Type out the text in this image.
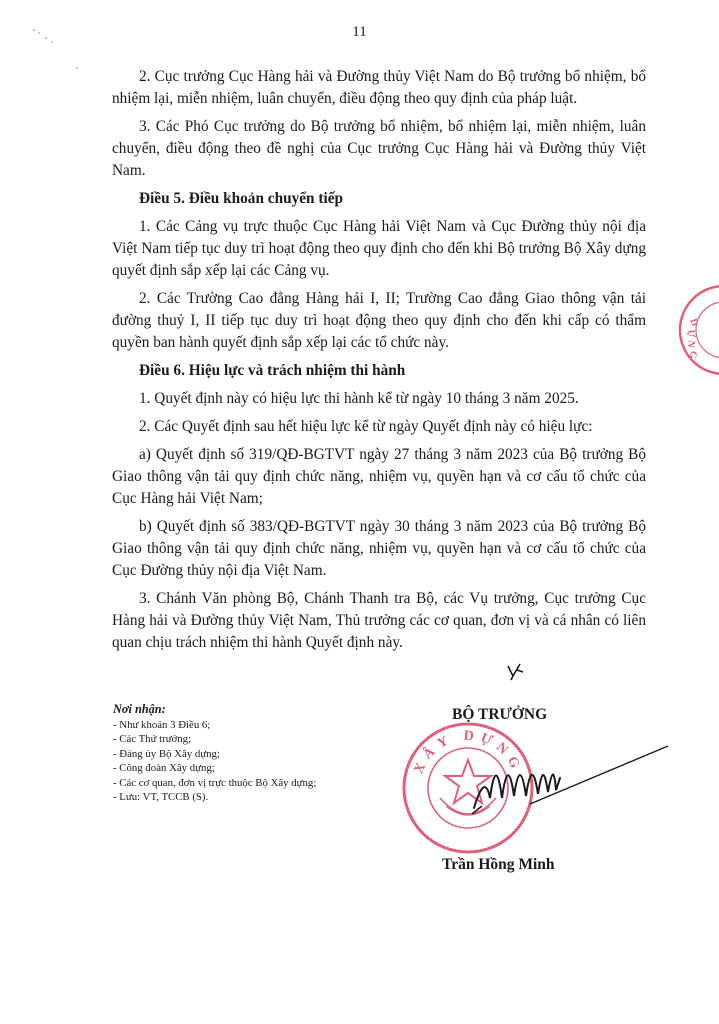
11

2. Cục trưởng Cục Hàng hải và Đường thủy Việt Nam do Bộ trưởng bổ nhiệm, bổ nhiệm lại, miễn nhiệm, luân chuyển, điều động theo quy định của pháp luật.

3. Các Phó Cục trưởng do Bộ trưởng bổ nhiệm, bổ nhiệm lại, miễn nhiệm, luân chuyển, điều động theo đề nghị của Cục trưởng Cục Hàng hải và Đường thủy Việt Nam.

Điều 5. Điều khoản chuyển tiếp

1. Các Cảng vụ trực thuộc Cục Hàng hải Việt Nam và Cục Đường thủy nội địa Việt Nam tiếp tục duy trì hoạt động theo quy định cho đến khi Bộ trưởng Bộ Xây dựng quyết định sắp xếp lại các Cảng vụ.

2. Các Trường Cao đẳng Hàng hải I, II; Trường Cao đẳng Giao thông vận tải đường thuỷ I, II tiếp tục duy trì hoạt động theo quy định cho đến khi cấp có thẩm quyền ban hành quyết định sắp xếp lại các tổ chức này.

Điều 6. Hiệu lực và trách nhiệm thi hành

1. Quyết định này có hiệu lực thi hành kể từ ngày 10 tháng 3 năm 2025.

2. Các Quyết định sau hết hiệu lực kể từ ngày Quyết định này có hiệu lực:

a) Quyết định số 319/QĐ-BGTVT ngày 27 tháng 3 năm 2023 của Bộ trưởng Bộ Giao thông vận tải quy định chức năng, nhiệm vụ, quyền hạn và cơ cấu tổ chức của Cục Hàng hải Việt Nam;

b) Quyết định số 383/QĐ-BGTVT ngày 30 tháng 3 năm 2023 của Bộ trưởng Bộ Giao thông vận tải quy định chức năng, nhiệm vụ, quyền hạn và cơ cấu tổ chức của Cục Đường thủy nội địa Việt Nam.

3. Chánh Văn phòng Bộ, Chánh Thanh tra Bộ, các Vụ trưởng, Cục trưởng Cục Hàng hải và Đường thủy Việt Nam, Thủ trưởng các cơ quan, đơn vị và cá nhân có liên quan chịu trách nhiệm thi hành Quyết định này.

Nơi nhận:
- Như khoản 3 Điều 6;
- Các Thứ trưởng;
- Đảng ủy Bộ Xây dựng;
- Công đoàn Xây dựng;
- Các cơ quan, đơn vị trực thuộc Bộ Xây dựng;
- Lưu: VT, TCCB (S).
BỘ TRƯỞNG
XÂY DỰNG
Trần Hồng Minh
D
Ự
N
G
